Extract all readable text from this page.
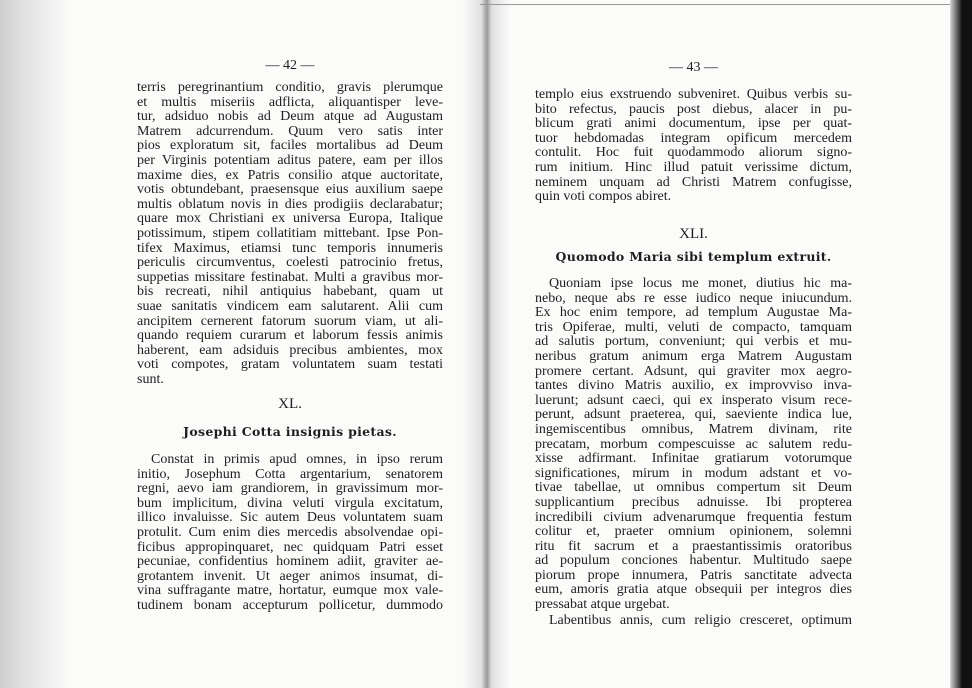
— 42 —
terris peregrinantium conditio, gravis plerumque
et multis miseriis adflicta, aliquantisper leve-
tur, adsiduo nobis ad Deum atque ad Augustam
Matrem adcurrendum. Quum vero satis inter
pios exploratum sit, faciles mortalibus ad Deum
per Virginis potentiam aditus patere, eam per illos
maxime dies, ex Patris consilio atque auctoritate,
votis obtundebant, praesensque eius auxilium saepe
multis oblatum novis in dies prodigiis declarabatur;
quare mox Christiani ex universa Europa, Italique
potissimum, stipem collatitiam mittebant. Ipse Pon-
tifex Maximus, etiamsi tunc temporis innumeris
periculis circumventus, coelesti patrocinio fretus,
suppetias missitare festinabat. Multi a gravibus mor-
bis recreati, nihil antiquius habebant, quam ut
suae sanitatis vindicem eam salutarent. Alii cum
ancipitem cernerent fatorum suorum viam, ut ali-
quando requiem curarum et laborum fessis animis
haberent, eam adsiduis precibus ambientes, mox
voti compotes, gratam voluntatem suam testati
sunt.
XL.
Josephi Cotta insignis pietas.
Constat in primis apud omnes, in ipso rerum
initio, Josephum Cotta argentarium, senatorem
regni, aevo iam grandiorem, in gravissimum mor-
bum implicitum, divina veluti virgula excitatum,
illico invaluisse. Sic autem Deus voluntatem suam
protulit. Cum enim dies mercedis absolvendae opi-
ficibus appropinquaret, nec quidquam Patri esset
pecuniae, confidentius hominem adiit, graviter ae-
grotantem invenit. Ut aeger animos insumat, di-
vina suffragante matre, hortatur, eumque mox vale-
tudinem bonam accepturum pollicetur, dummodo
— 43 —
templo eius exstruendo subveniret. Quibus verbis su-
bito refectus, paucis post diebus, alacer in pu-
blicum grati animi documentum, ipse per quat-
tuor hebdomadas integram opificum mercedem
contulit. Hoc fuit quodammodo aliorum signo-
rum initium. Hinc illud patuit verissime dictum,
neminem unquam ad Christi Matrem confugisse,
quin voti compos abiret.
XLI.
Quomodo Maria sibi templum extruit.
Quoniam ipse locus me monet, diutius hic ma-
nebo, neque abs re esse iudico neque iniucundum.
Ex hoc enim tempore, ad templum Augustae Ma-
tris Opiferae, multi, veluti de compacto, tamquam
ad salutis portum, conveniunt; qui verbis et mu-
neribus gratum animum erga Matrem Augustam
promere certant. Adsunt, qui graviter mox aegro-
tantes divino Matris auxilio, ex improvviso inva-
luerunt; adsunt caeci, qui ex insperato visum rece-
perunt, adsunt praeterea, qui, saeviente indica lue,
ingemiscentibus omnibus, Matrem divinam, rite
precatam, morbum compescuisse ac salutem redu-
xisse adfirmant. Infinitae gratiarum votorumque
significationes, mirum in modum adstant et vo-
tivae tabellae, ut omnibus compertum sit Deum
supplicantium precibus adnuisse. Ibi propterea
incredibili civium advenarumque frequentia festum
colitur et, praeter omnium opinionem, solemni
ritu fit sacrum et a praestantissimis oratoribus
ad populum conciones habentur. Multitudo saepe
piorum prope innumera, Patris sanctitate advecta
eum, amoris gratia atque obsequii per integros dies
pressabat atque urgebat.
Labentibus annis, cum religio cresceret, optimum
